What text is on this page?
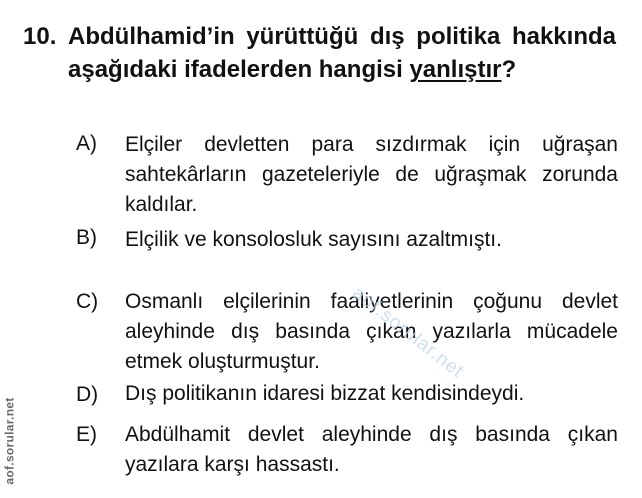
10. Abdülhamid’in yürüttüğü dış politika hakkında aşağıdaki ifadelerden hangisi yanlıştır?
A) Elçiler devletten para sızdırmak için uğraşan sahtekârların gazeteleriyle de uğraşmak zorunda kaldılar.
B) Elçilik ve konsolosluk sayısını azaltmıştı.
C) Osmanlı elçilerinin faaliyetlerinin çoğunu devlet aleyhinde dış basında çıkan yazılarla mücadele etmek oluşturmuştur.
D) Dış politikanın idaresi bizzat kendisindeydi.
E) Abdülhamit devlet aleyhinde dış basında çıkan yazılara karşı hassastı.
aof.sorular.net
aof.sorular.net
